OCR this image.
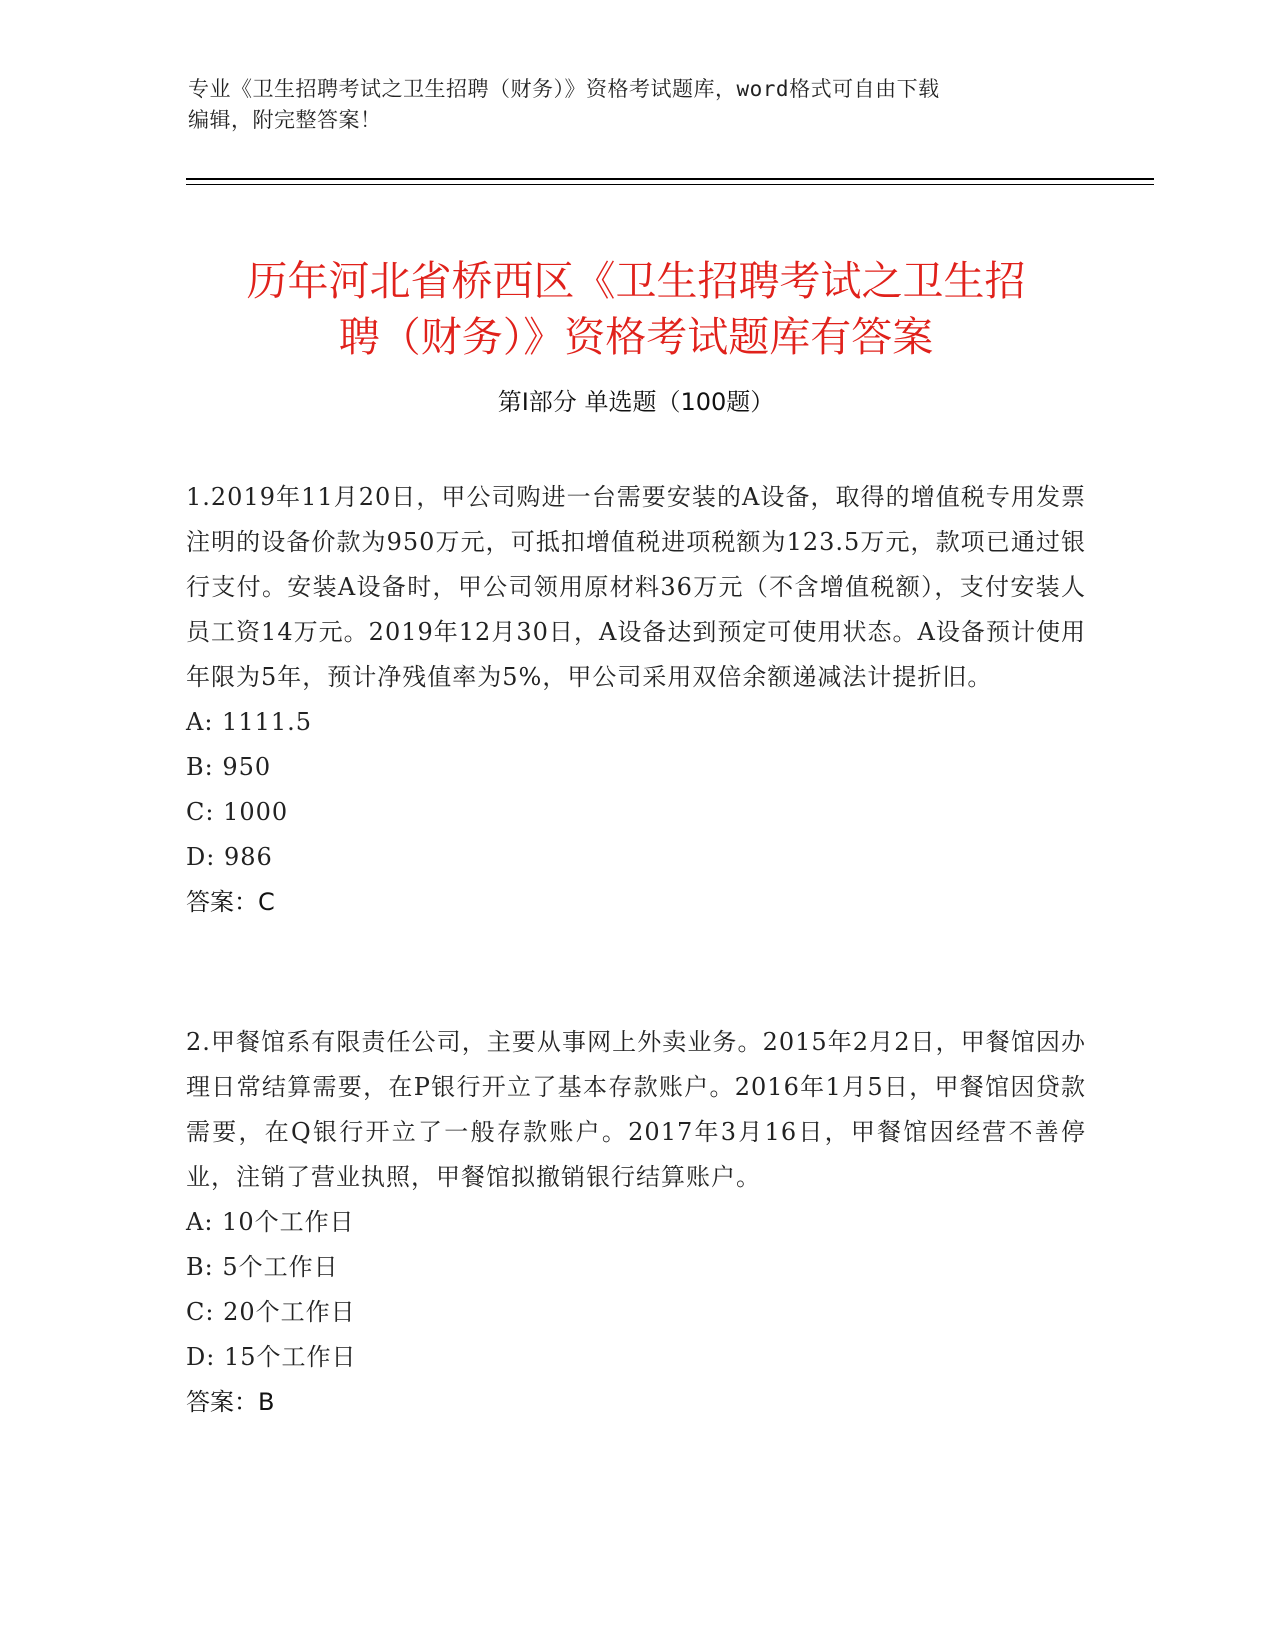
专业《卫生招聘考试之卫生招聘（财务）》资格考试题库，word格式可自由下载
编辑，附完整答案！
历年河北省桥西区《卫生招聘考试之卫生招
聘（财务）》资格考试题库有答案
第Ⅰ部分 单选题（100题）

1.2019年11月20日，甲公司购进一台需要安装的A设备，取得的增值税专用发票注明的设备价款为950万元，可抵扣增值税进项税额为123.5万元，款项已通过银行支付。安装A设备时，甲公司领用原材料36万元（不含增值税额），支付安装人员工资14万元。2019年12月30日，A设备达到预定可使用状态。A设备预计使用年限为5年，预计净残值率为5%，甲公司采用双倍余额递减法计提折旧。

A: 1111.5

B: 950

C: 1000

D: 986

答案：C

2.甲餐馆系有限责任公司，主要从事网上外卖业务。2015年2月2日，甲餐馆因办理日常结算需要，在P银行开立了基本存款账户。2016年1月5日，甲餐馆因贷款需要，在Q银行开立了一般存款账户。2017年3月16日，甲餐馆因经营不善停业，注销了营业执照，甲餐馆拟撤销银行结算账户。

A: 10个工作日

B: 5个工作日

C: 20个工作日

D: 15个工作日

答案：B
